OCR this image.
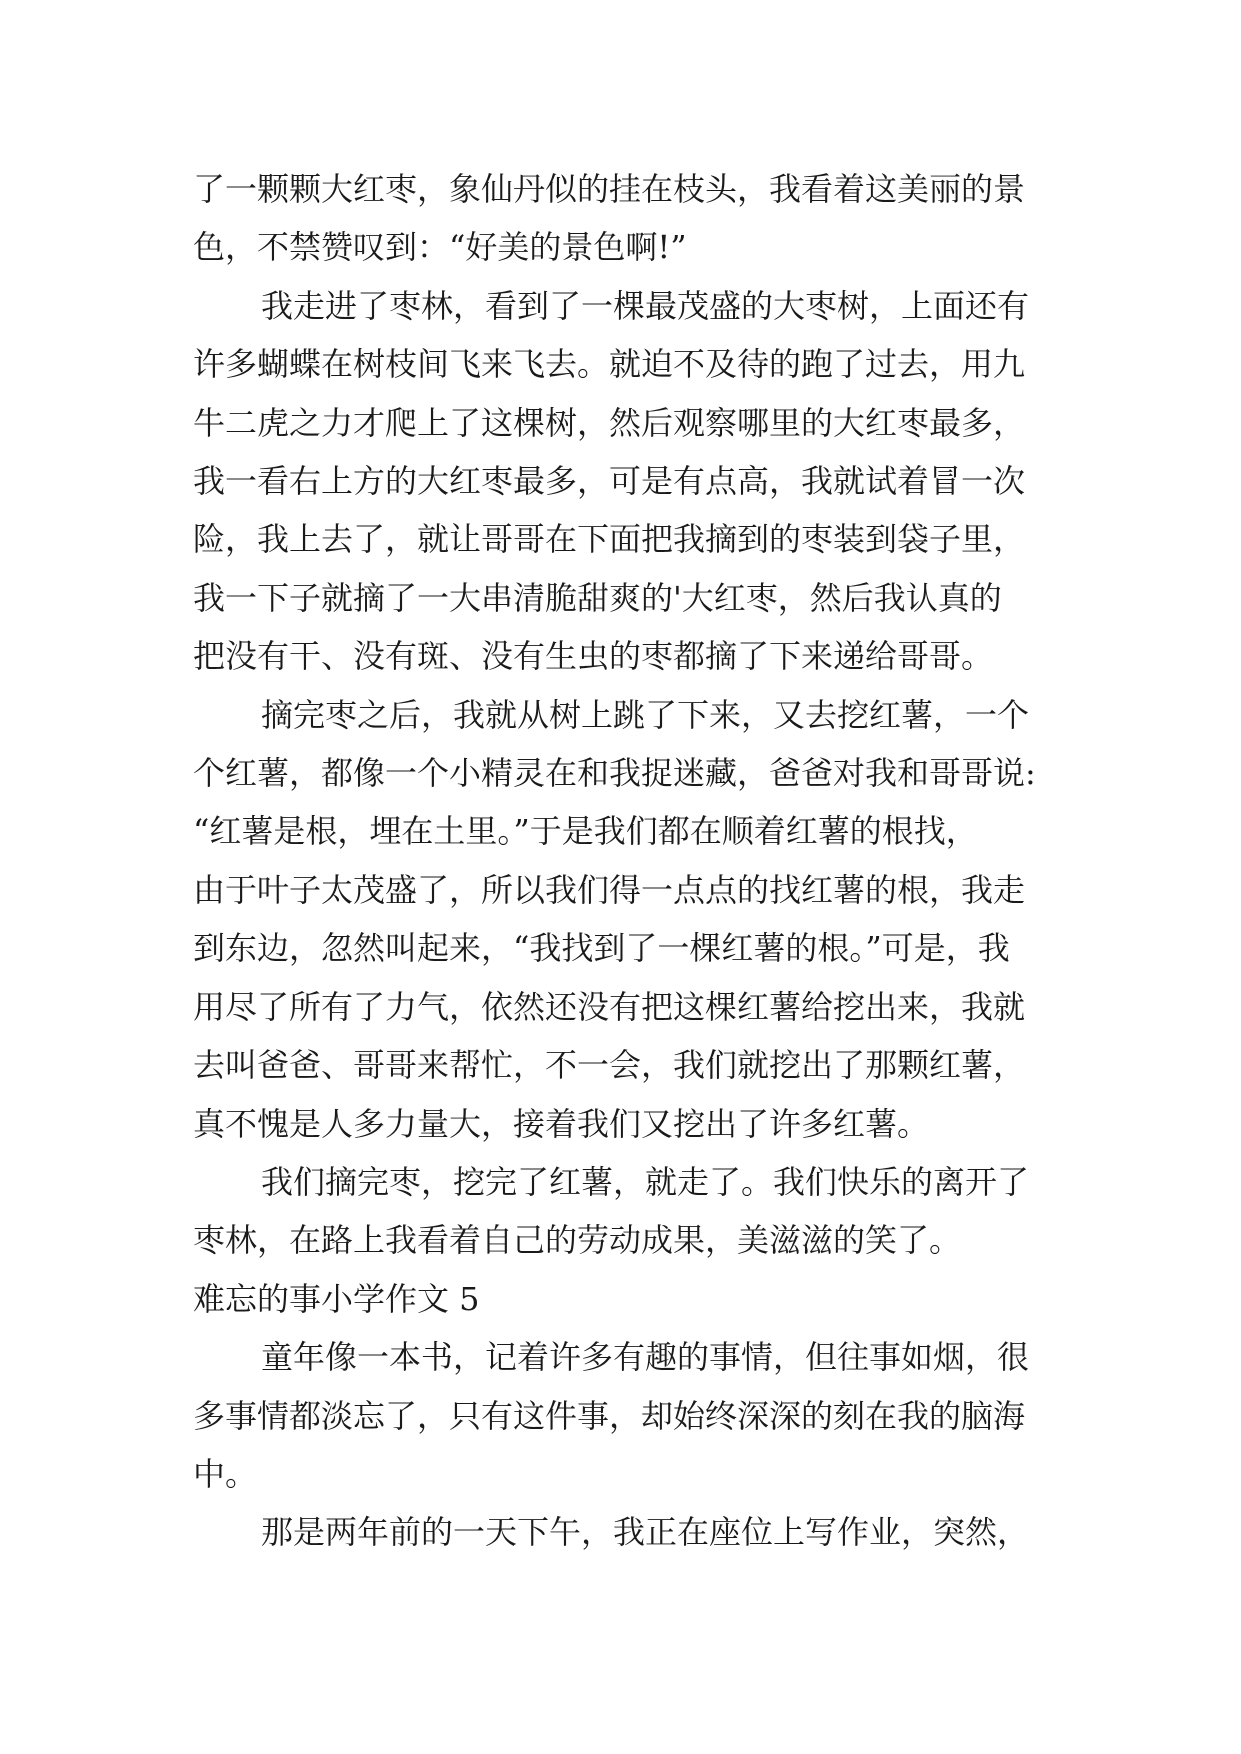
了一颗颗大红枣，象仙丹似的挂在枝头，我看着这美丽的景

色，不禁赞叹到：“好美的景色啊!”

我走进了枣林，看到了一棵最茂盛的大枣树，上面还有

许多蝴蝶在树枝间飞来飞去。就迫不及待的跑了过去，用九

牛二虎之力才爬上了这棵树，然后观察哪里的大红枣最多，

我一看右上方的大红枣最多，可是有点高，我就试着冒一次

险，我上去了，就让哥哥在下面把我摘到的枣装到袋子里，

我一下子就摘了一大串清脆甜爽的'大红枣，然后我认真的

把没有干、没有斑、没有生虫的枣都摘了下来递给哥哥。

摘完枣之后，我就从树上跳了下来，又去挖红薯，一个

个红薯，都像一个小精灵在和我捉迷藏，爸爸对我和哥哥说:

“红薯是根，埋在土里。”于是我们都在顺着红薯的根找，

由于叶子太茂盛了，所以我们得一点点的找红薯的根，我走

到东边，忽然叫起来，“我找到了一棵红薯的根。”可是，我

用尽了所有了力气，依然还没有把这棵红薯给挖出来，我就

去叫爸爸、哥哥来帮忙，不一会，我们就挖出了那颗红薯，

真不愧是人多力量大，接着我们又挖出了许多红薯。

我们摘完枣，挖完了红薯，就走了。我们快乐的离开了

枣林，在路上我看着自己的劳动成果，美滋滋的笑了。

难忘的事小学作文 5

童年像一本书，记着许多有趣的事情，但往事如烟，很

多事情都淡忘了，只有这件事，却始终深深的刻在我的脑海

中。

那是两年前的一天下午，我正在座位上写作业，突然，
